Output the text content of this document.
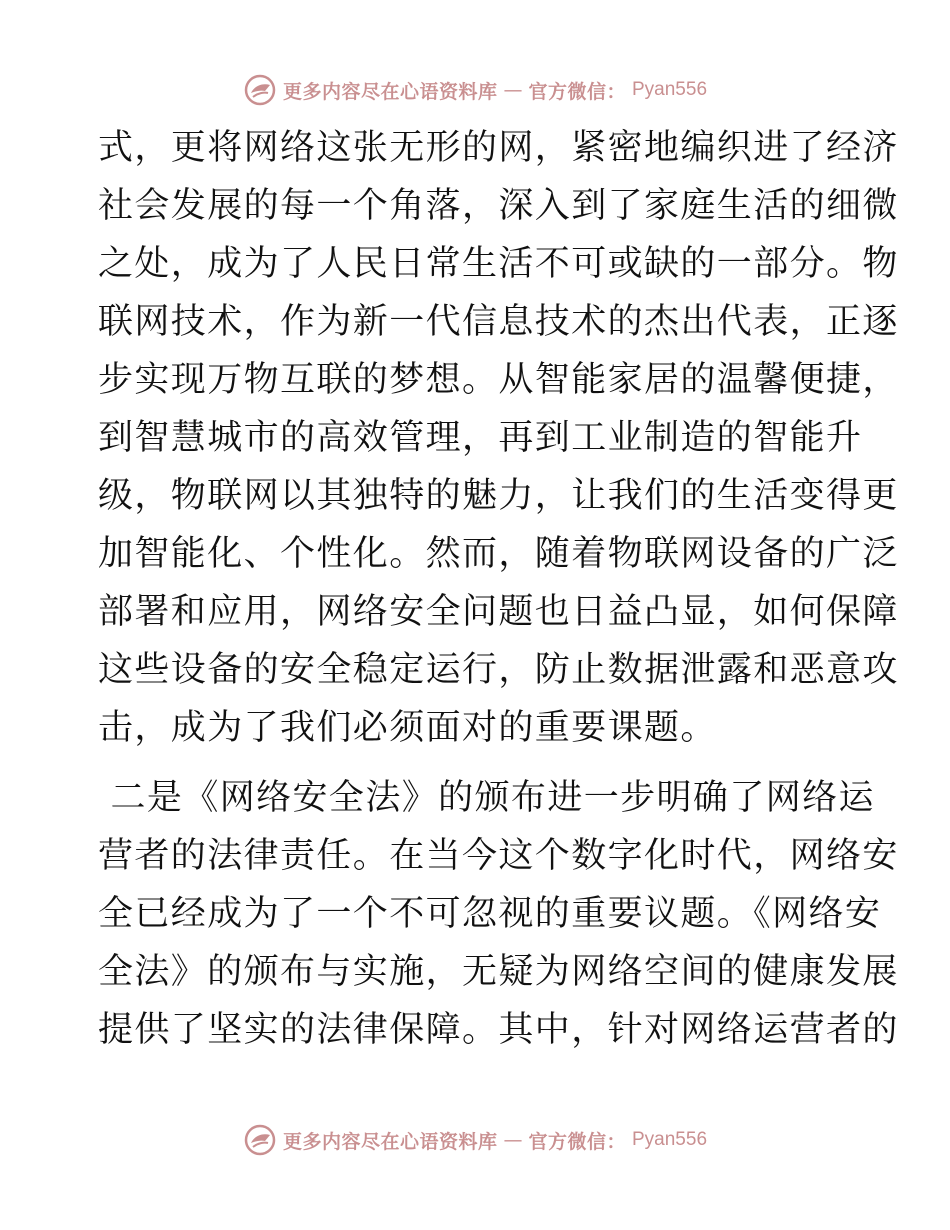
更多内容尽在心语资料库 — 官方微信： Pyan556
式，更将网络这张无形的网，紧密地编织进了经济
社会发展的每一个角落，深入到了家庭生活的细微
之处，成为了人民日常生活不可或缺的一部分。物
联网技术，作为新一代信息技术的杰出代表，正逐
步实现万物互联的梦想。从智能家居的温馨便捷，
到智慧城市的高效管理，再到工业制造的智能升
级，物联网以其独特的魅力，让我们的生活变得更
加智能化、个性化。然而，随着物联网设备的广泛
部署和应用，网络安全问题也日益凸显，如何保障
这些设备的安全稳定运行，防止数据泄露和恶意攻
击，成为了我们必须面对的重要课题。
二是《网络安全法》的颁布进一步明确了网络运
营者的法律责任。在当今这个数字化时代，网络安
全已经成为了一个不可忽视的重要议题。《网络安
全法》的颁布与实施，无疑为网络空间的健康发展
提供了坚实的法律保障。其中，针对网络运营者的
更多内容尽在心语资料库 — 官方微信： Pyan556
